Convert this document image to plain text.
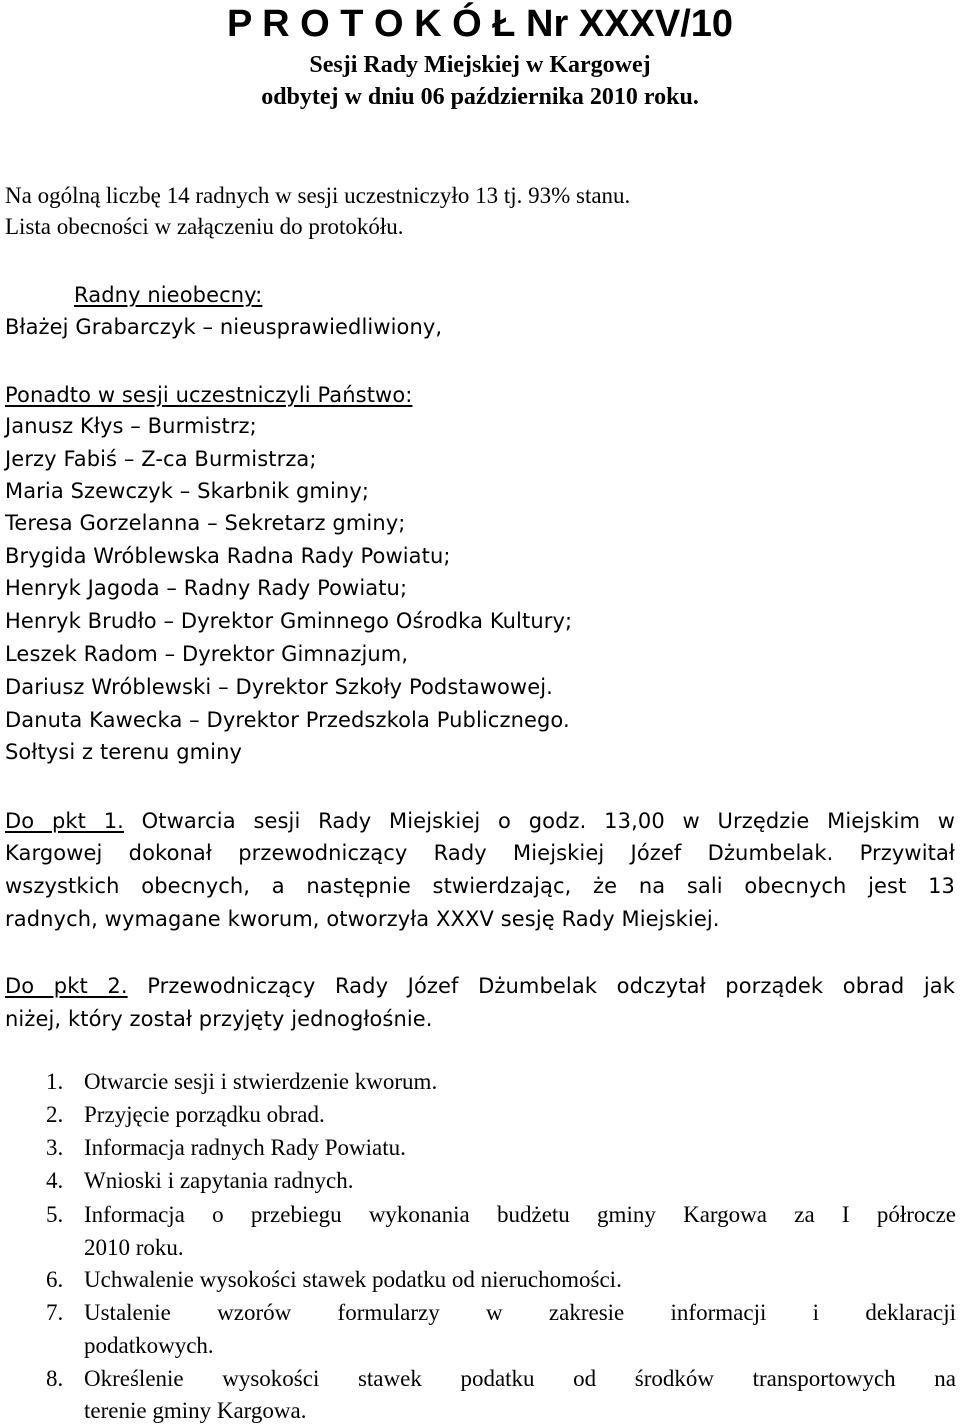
P R O T O K Ó Ł Nr XXXV/10
Sesji Rady Miejskiej w Kargowej
odbytej w dniu 06 października 2010 roku.
Na ogólną liczbę 14 radnych w sesji uczestniczyło 13 tj. 93% stanu.
Lista obecności w załączeniu do protokółu.
Radny nieobecny:
Błażej Grabarczyk – nieusprawiedliwiony,
Ponadto w sesji uczestniczyli Państwo:
Janusz Kłys – Burmistrz;
Jerzy Fabiś – Z-ca Burmistrza;
Maria Szewczyk – Skarbnik gminy;
Teresa Gorzelanna – Sekretarz gminy;
Brygida Wróblewska Radna Rady Powiatu;
Henryk Jagoda – Radny Rady Powiatu;
Henryk Brudło – Dyrektor Gminnego Ośrodka Kultury;
Leszek Radom – Dyrektor Gimnazjum,
Dariusz Wróblewski – Dyrektor Szkoły Podstawowej.
Danuta Kawecka – Dyrektor Przedszkola Publicznego.
Sołtysi z terenu gminy
Do pkt 1. Otwarcia sesji Rady Miejskiej o godz. 13,00 w Urzędzie Miejskim w
Kargowej dokonał przewodniczący Rady Miejskiej Józef Dżumbelak. Przywitał
wszystkich obecnych, a następnie stwierdzając, że na sali obecnych jest 13
radnych, wymagane kworum, otworzyła XXXV sesję Rady Miejskiej.
Do pkt 2. Przewodniczący Rady Józef Dżumbelak odczytał porządek obrad jak
niżej, który został przyjęty jednogłośnie.
1. Otwarcie sesji i stwierdzenie kworum.
2. Przyjęcie porządku obrad.
3. Informacja radnych Rady Powiatu.
4. Wnioski i zapytania radnych.
5. Informacja o przebiegu wykonania budżetu gminy Kargowa za I półrocze
2010 roku.
6. Uchwalenie wysokości stawek podatku od nieruchomości.
7. Ustalenie wzorów formularzy w zakresie informacji i deklaracji
podatkowych.
8. Określenie wysokości stawek podatku od środków transportowych na
terenie gminy Kargowa.
